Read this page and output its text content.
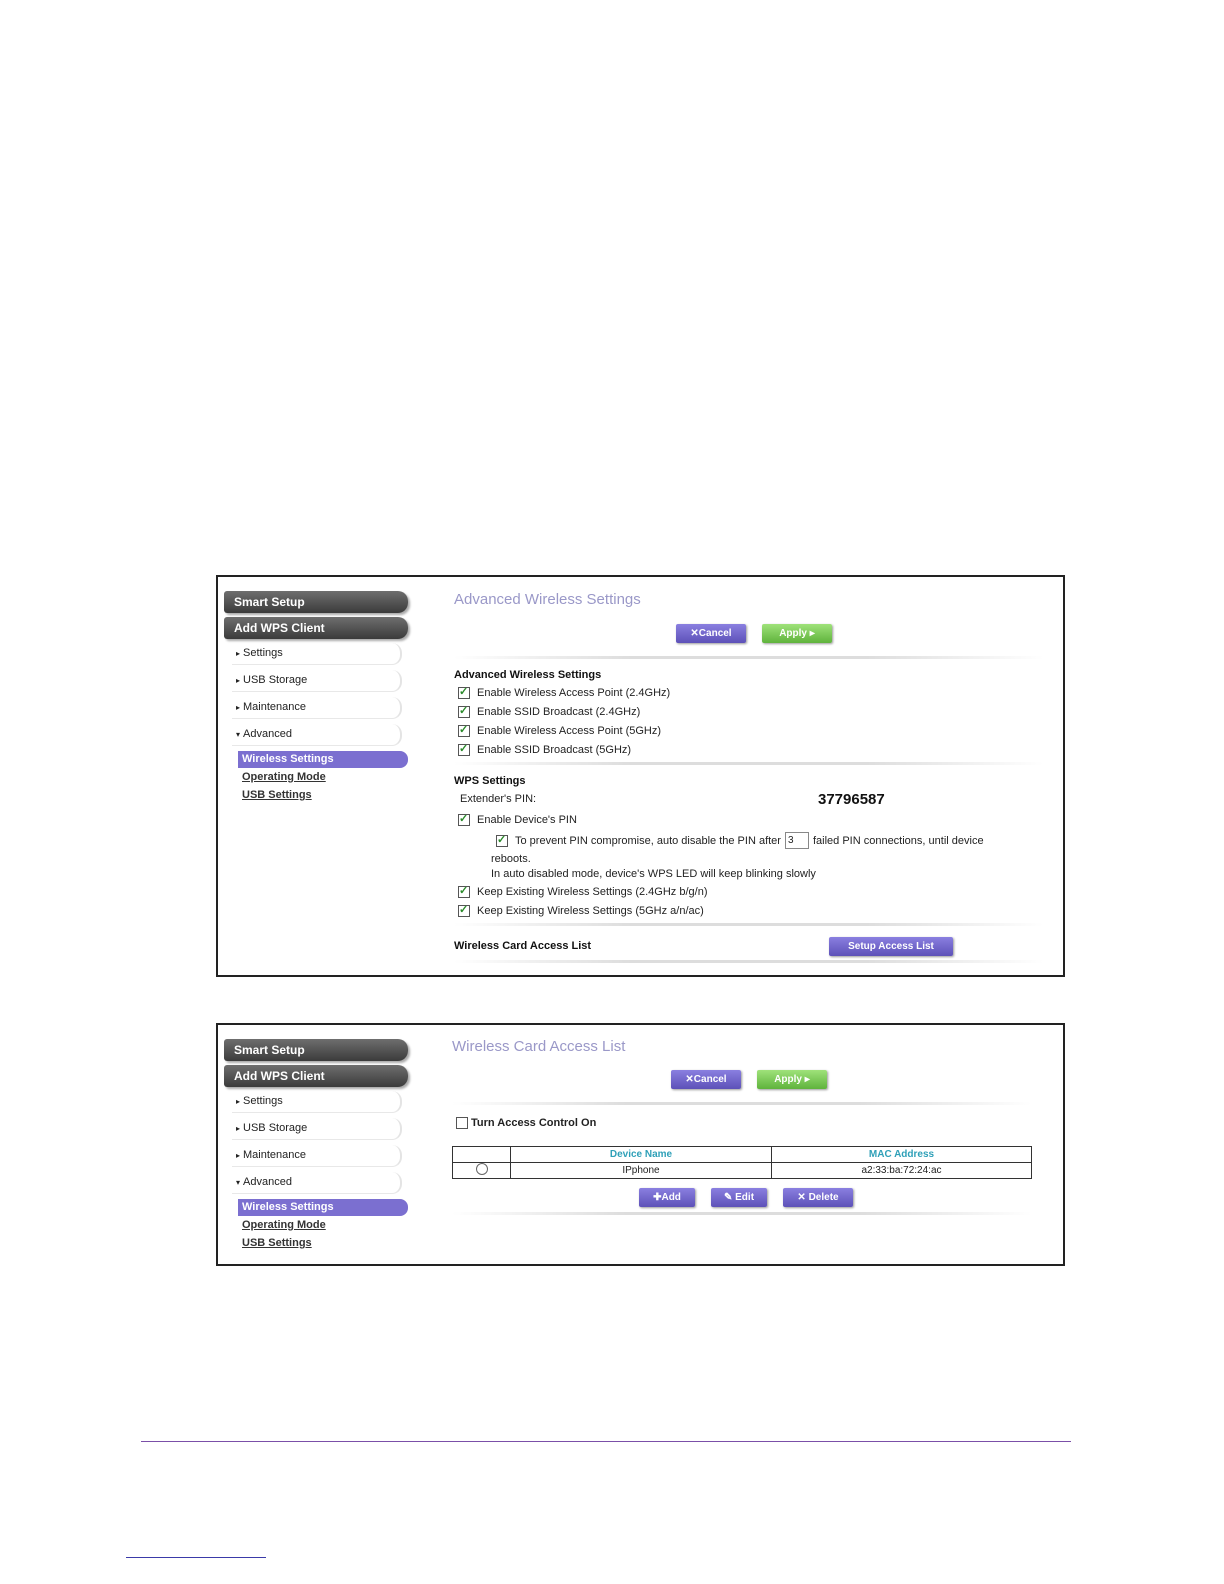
Smart Setup
Add WPS Client
▸ Settings
▸ USB Storage
▸ Maintenance
▾ Advanced
Wireless Settings
Operating Mode
USB Settings
Advanced Wireless Settings
✕Cancel	Apply ▸
Advanced Wireless Settings
✓
Enable Wireless Access Point (2.4GHz)
✓
Enable SSID Broadcast (2.4GHz)
✓
Enable Wireless Access Point (5GHz)
✓
Enable SSID Broadcast (5GHz)
WPS Settings
Extender's PIN:	37796587
✓
Enable Device's PIN
✓
To prevent PIN compromise, auto disable the PIN after 3	failed PIN connections, until device
reboots.
In auto disabled mode, device's WPS LED will keep blinking slowly
✓
Keep Existing Wireless Settings (2.4GHz b/g/n)
✓
Keep Existing Wireless Settings (5GHz a/n/ac)
Wireless Card Access List	Setup Access List
Smart Setup
Add WPS Client
▸ Settings
▸ USB Storage
▸ Maintenance
▾ Advanced
Wireless Settings
Operating Mode
USB Settings
Wireless Card Access List
✕Cancel	Apply ▸
Turn Access Control On
	Device Name	MAC Address
	IPphone	a2:33:ba:72:24:ac
✚Add	✎ Edit	✕ Delete
